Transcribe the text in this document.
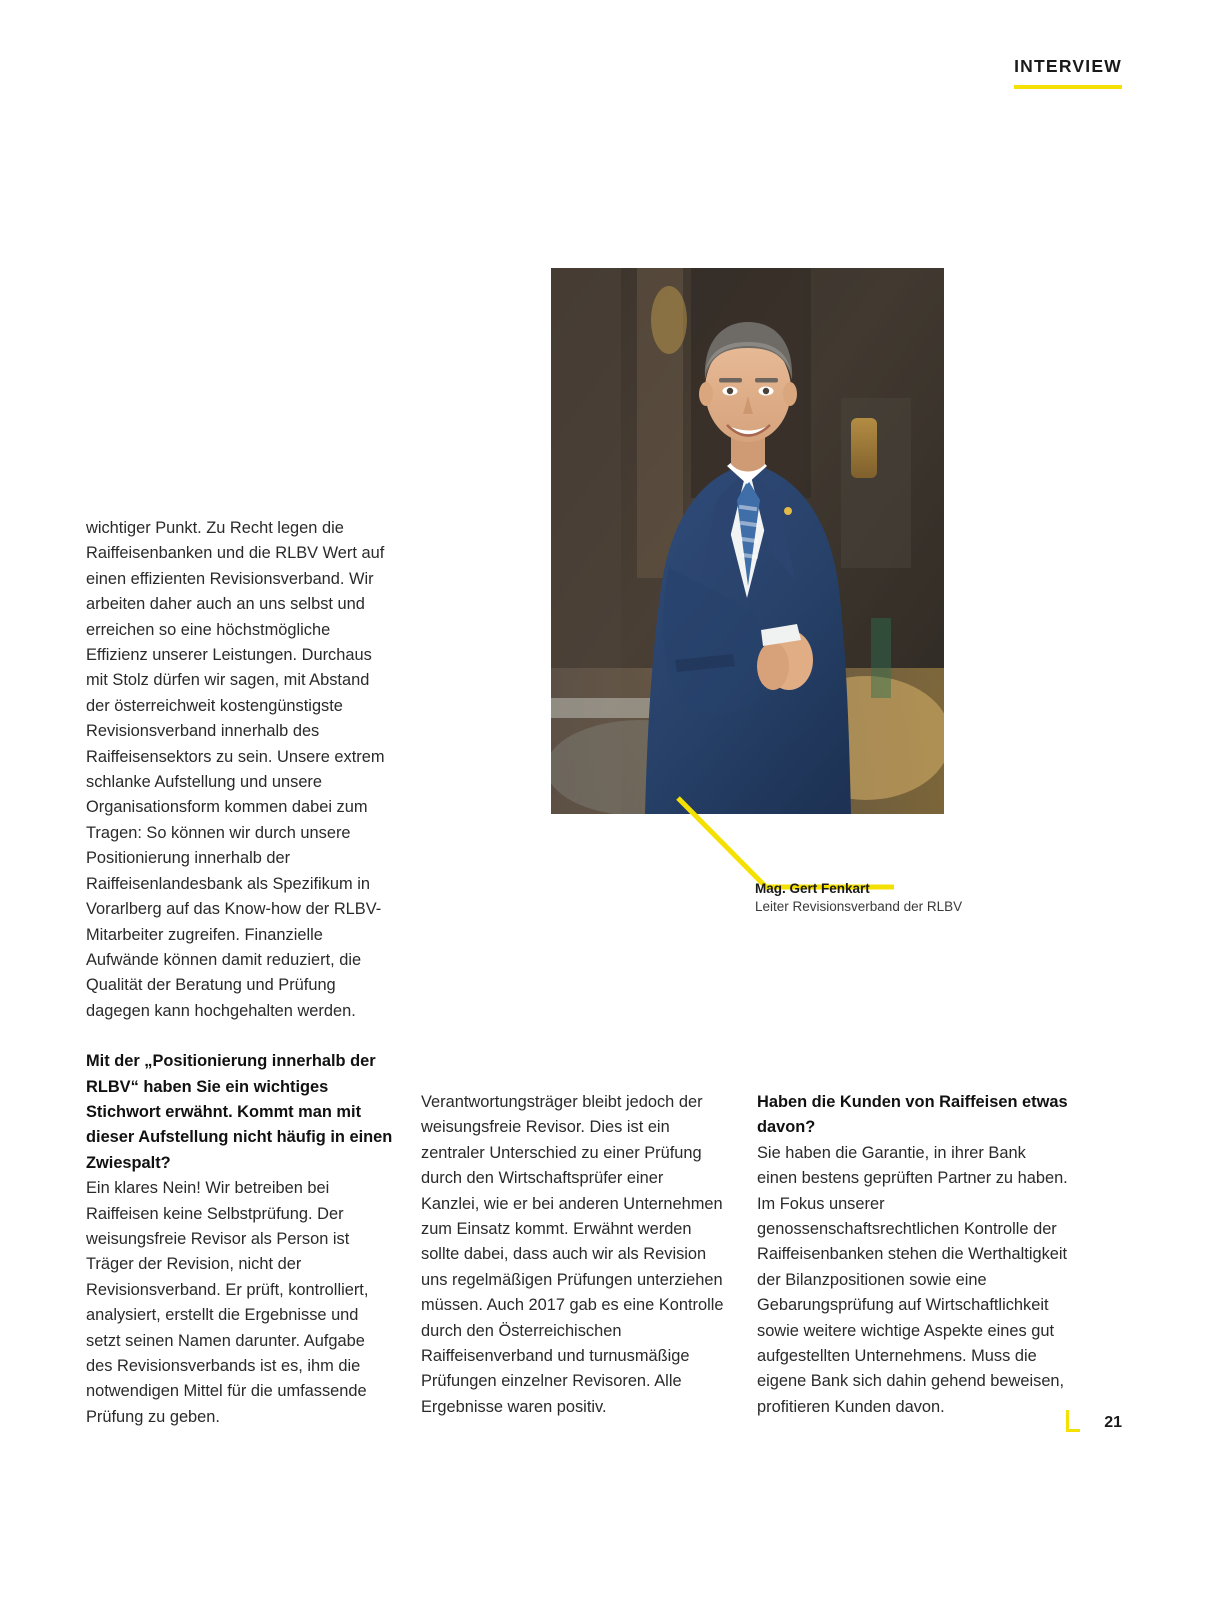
INTERVIEW
Mag. Gert Fenkart
Leiter Revisionsverband der RLBV

wichtiger Punkt. Zu Recht legen die Raiffeisenbanken und die RLBV Wert auf einen effizienten Revisionsverband. Wir arbeiten daher auch an uns selbst und erreichen so eine höchstmögliche Effizienz unserer Leistungen. Durchaus mit Stolz dürfen wir sagen, mit Abstand der österreichweit kostengünstigste Revisionsverband innerhalb des Raiffeisensektors zu sein. Unsere extrem schlanke Aufstellung und unsere Organisationsform kommen dabei zum Tragen: So können wir durch unsere Positionierung innerhalb der Raiffeisenlandesbank als Spezifikum in Vorarlberg auf das Know-how der RLBV-Mitarbeiter zugreifen. Finanzielle Aufwände können damit reduziert, die Qualität der Beratung und Prüfung dagegen kann hochgehalten werden.

Mit der „Positionierung innerhalb der RLBV“ haben Sie ein wichtiges Stichwort erwähnt. Kommt man mit dieser Aufstellung nicht häufig in einen Zwiespalt?
Ein klares Nein! Wir betreiben bei Raiffeisen keine Selbstprüfung. Der weisungsfreie Revisor als Person ist Träger der Revision, nicht der Revisionsverband. Er prüft, kontrolliert, analysiert, erstellt die Ergebnisse und setzt seinen Namen darunter. Aufgabe des Revisionsverbands ist es, ihm die notwendigen Mittel für die umfassende Prüfung zu geben.

Verantwortungsträger bleibt jedoch der weisungsfreie Revisor. Dies ist ein zentraler Unterschied zu einer Prüfung durch den Wirtschaftsprüfer einer Kanzlei, wie er bei anderen Unternehmen zum Einsatz kommt. Erwähnt werden sollte dabei, dass auch wir als Revision uns regelmäßigen Prüfungen unterziehen müssen. Auch 2017 gab es eine Kontrolle durch den Österreichischen Raiffeisenverband und turnusmäßige Prüfungen einzelner Revisoren. Alle Ergebnisse waren positiv.

Haben die Kunden von Raiffeisen etwas davon?
Sie haben die Garantie, in ihrer Bank einen bestens geprüften Partner zu haben. Im Fokus unserer genossenschaftsrechtlichen Kontrolle der Raiffeisenbanken stehen die Werthaltigkeit der Bilanzpositionen sowie eine Gebarungsprüfung auf Wirtschaftlichkeit sowie weitere wichtige Aspekte eines gut aufgestellten Unternehmens. Muss die eigene Bank sich dahin gehend beweisen, profitieren Kunden davon.

21
